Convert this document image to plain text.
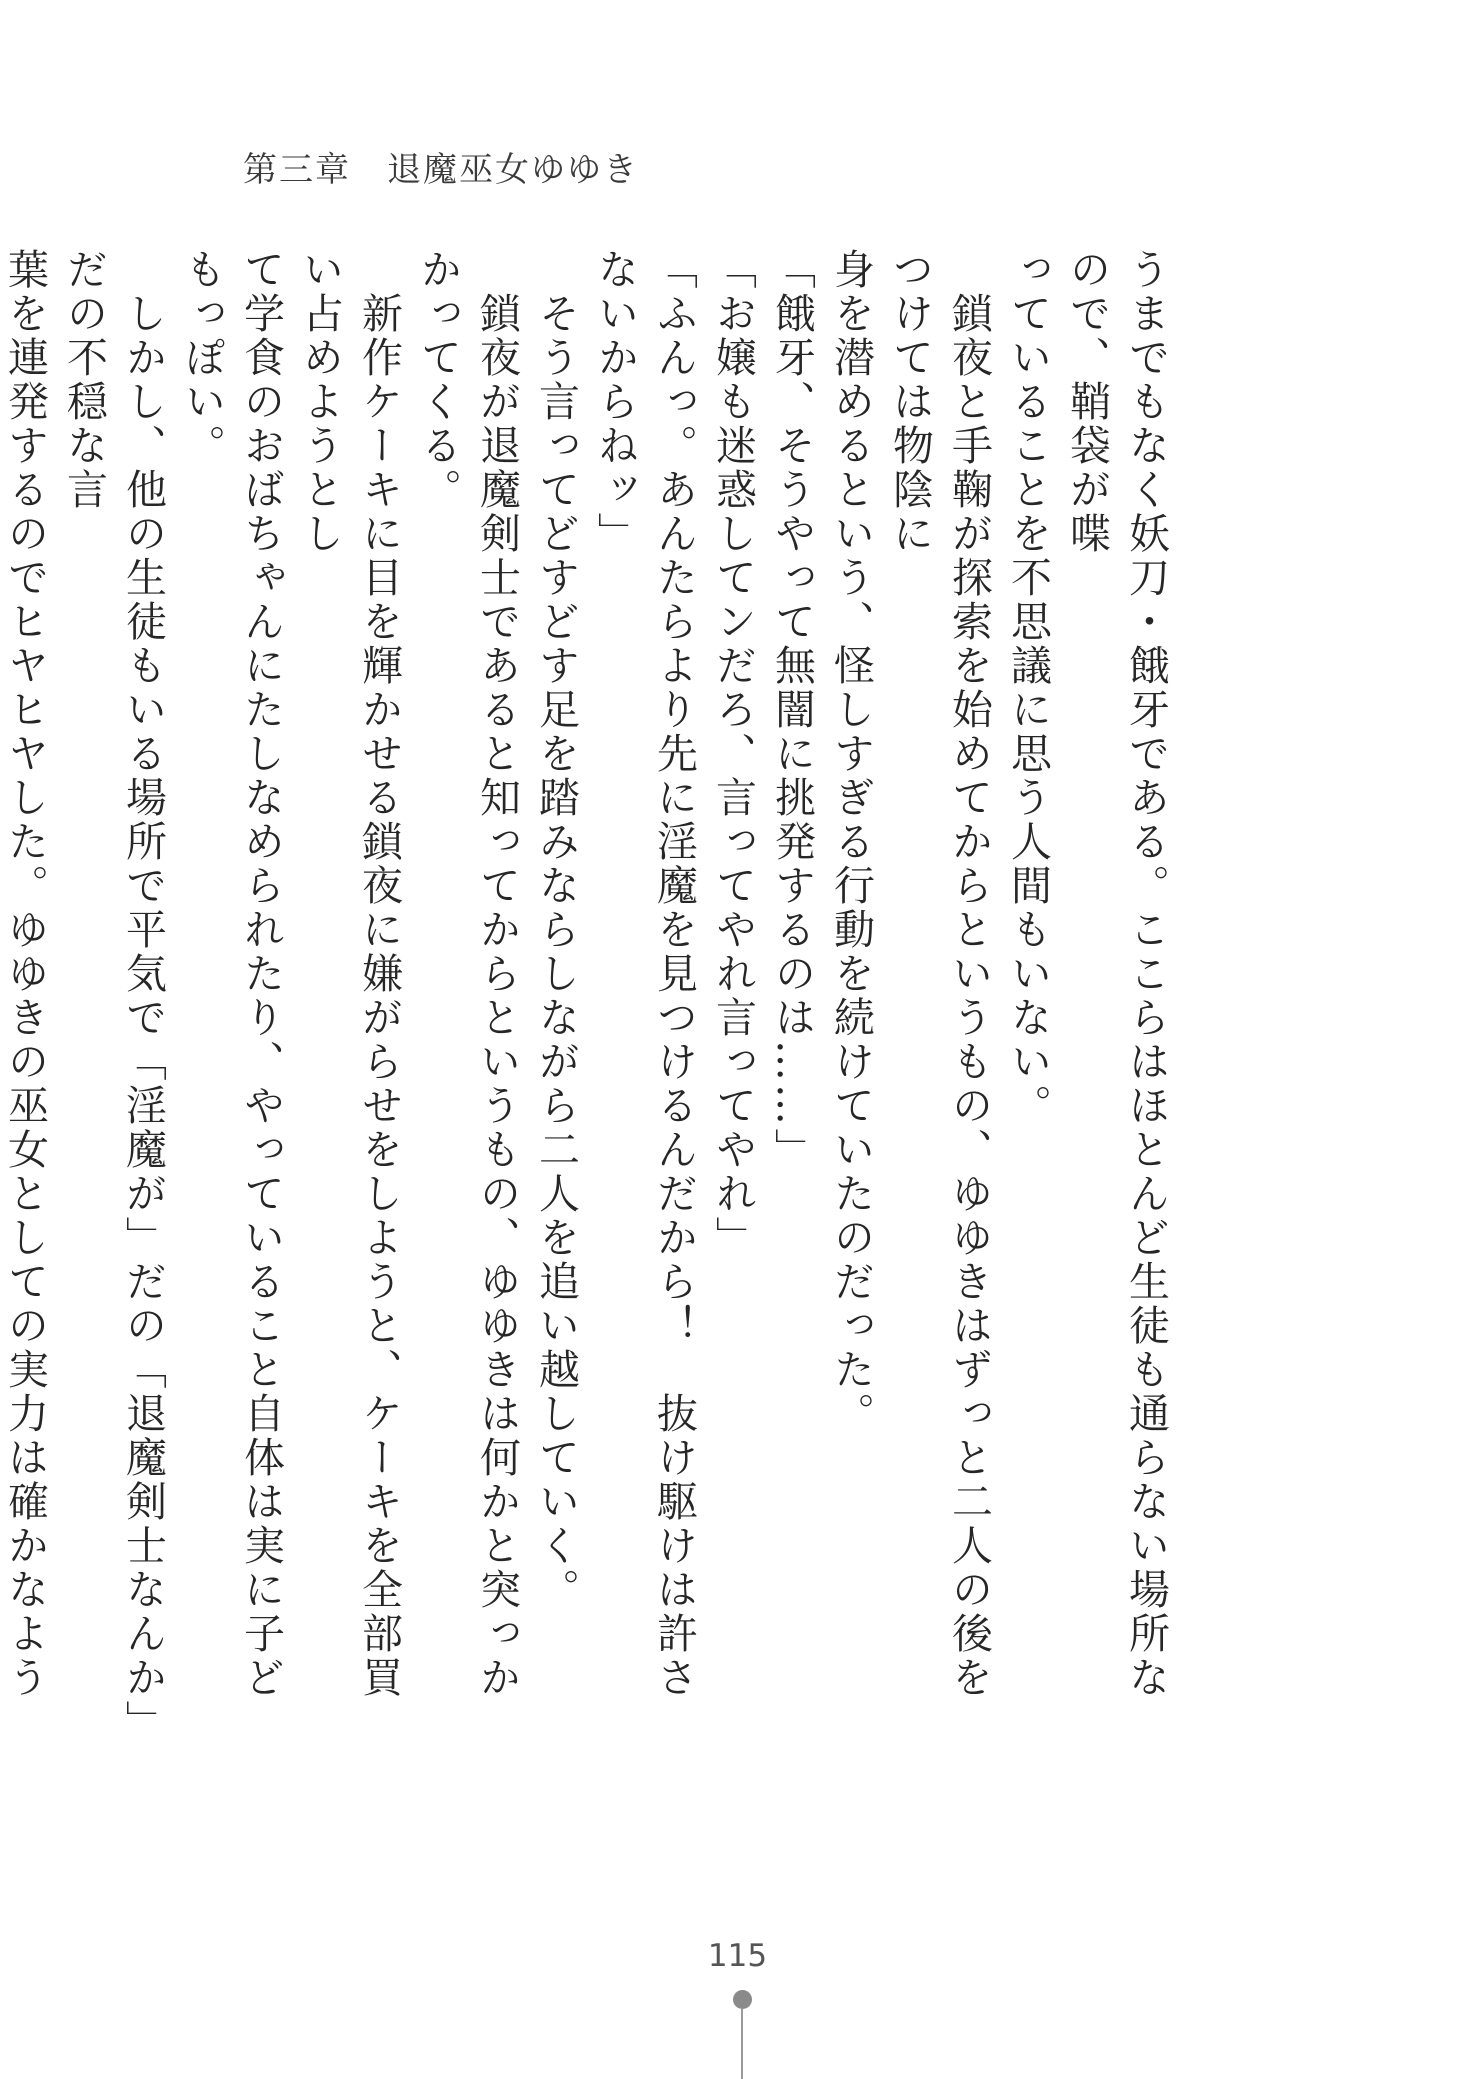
第三章　退魔巫女ゆゆき

うまでもなく妖刀・餓牙である。ここらはほとんど生徒も通らない場所なので、鞘袋が喋

っていることを不思議に思う人間もいない。

　鎖夜と手鞠が探索を始めてからというもの、ゆゆきはずっと二人の後をつけては物陰に

身を潜めるという、怪しすぎる行動を続けていたのだった。

「餓牙、そうやって無闇に挑発するのは……」

「お嬢も迷惑してンだろ、言ってやれ言ってやれ」

「ふんっ。あんたらより先に淫魔を見つけるんだから！　抜け駆けは許さないからねッ」

　そう言ってどすどす足を踏みならしながら二人を追い越していく。

　鎖夜が退魔剣士であると知ってからというもの、ゆゆきは何かと突っかかってくる。

　新作ケーキに目を輝かせる鎖夜に嫌がらせをしようと、ケーキを全部買い占めようとし

て学食のおばちゃんにたしなめられたり、やっていること自体は実に子どもっぽい。

　しかし、他の生徒もいる場所で平気で「淫魔が」だの「退魔剣士なんか」だの不穏な言

葉を連発するのでヒヤヒヤした。ゆゆきの巫女としての実力は確かなよう

115
